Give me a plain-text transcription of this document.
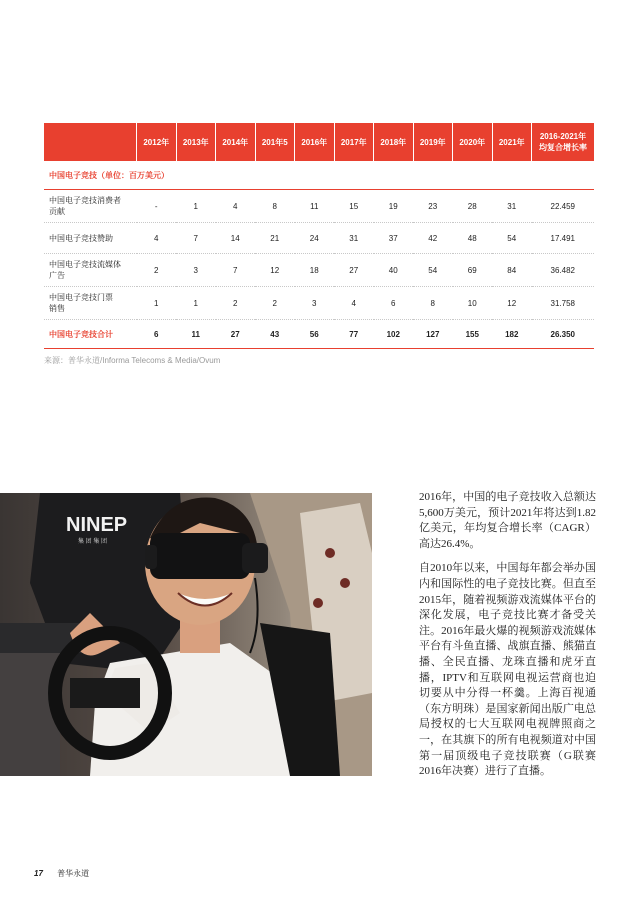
	2012年	2013年	2014年	201年5	2016年	2017年	2018年	2019年	2020年	2021年	2016-2021年
均复合增长率
中国电子竞技（单位：百万美元）											
中国电子竞技消费者
贡献	-	1	4	8	11	15	19	23	28	31	22.459
中国电子竞技赞助	4	7	14	21	24	31	37	42	48	54	17.491
中国电子竞技流媒体
广告	2	3	7	12	18	27	40	54	69	84	36.482
中国电子竞技门票
销售	1	1	2	2	3	4	6	8	10	12	31.758
中国电子竞技合计	6	11	27	43	56	77	102	127	155	182	26.350
来源：普华永道/Informa Telecoms & Media/Ovum
NINEP
集 团 集 团

2016年，中国的电子竞技收入总额达5,600万美元，预计2021年将达到1.82亿美元，年均复合增长率（CAGR）高达26.4%。

自2010年以来，中国每年都会举办国内和国际性的电子竞技比赛。但直至2015年，随着视频游戏流媒体平台的深化发展，电子竞技比赛才备受关注。2016年最火爆的视频游戏流媒体平台有斗鱼直播、战旗直播、熊猫直播、全民直播、龙珠直播和虎牙直播，IPTV和互联网电视运营商也迫切要从中分得一杯羹。上海百视通（东方明珠）是国家新闻出版广电总局授权的七大互联网电视牌照商之一，在其旗下的所有电视频道对中国第一届顶级电子竞技联赛（G联赛2016年决赛）进行了直播。

17 普华永道
